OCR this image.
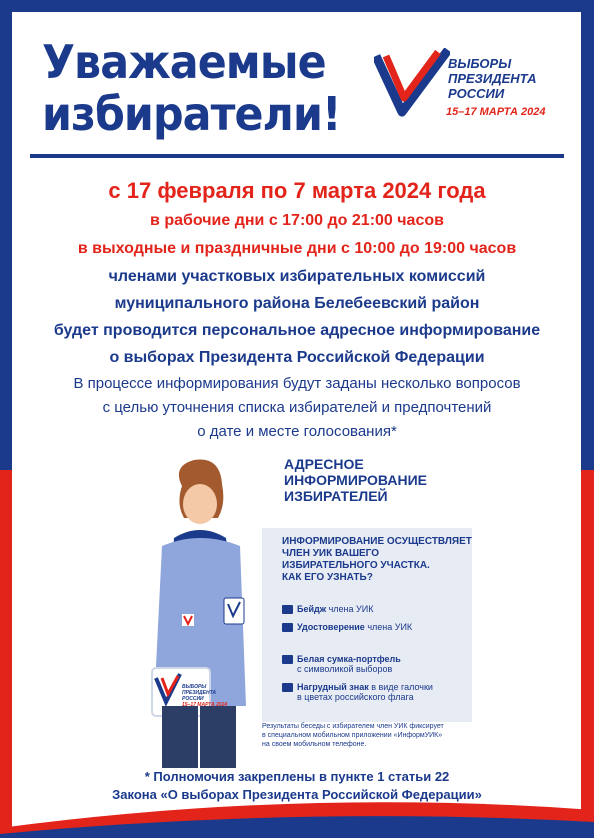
Уважаемые
избиратели!
ВЫБОРЫ
ПРЕЗИДЕНТА
РОССИИ
15–17 МАРТА 2024
с 17 февраля по 7 марта 2024 года
в рабочие дни с 17:00 до 21:00 часов
в выходные и праздничные дни с 10:00 до 19:00 часов
членами участковых избирательных комиссий
муниципального района Белебеевский район
будет проводится персональное адресное информирование
о выборах Президента Российской Федерации
В процессе информирования будут заданы несколько вопросов
с целью уточнения списка избирателей и предпочтений
о дате и месте голосования*
ВЫБОРЫ
ПРЕЗИДЕНТА
РОССИИ
15–17 МАРТА 2024
АДРЕСНОЕ
ИНФОРМИРОВАНИЕ
ИЗБИРАТЕЛЕЙ
ИНФОРМИРОВАНИЕ ОСУЩЕСТВЛЯЕТ
ЧЛЕН УИК ВАШЕГО
ИЗБИРАТЕЛЬНОГО УЧАСТКА.
КАК ЕГО УЗНАТЬ?
Бейдж члена УИК
Удостоверение члена УИК
Белая сумка-портфель
с символикой выборов
Нагрудный знак в виде галочки
в цветах российского флага
Результаты беседы с избирателем член УИК фиксирует
в специальном мобильном приложении «ИнформУИК»
на своем мобильном телефоне.
* Полномочия закреплены в пункте 1 статьи 22
Закона «О выборах Президента Российской Федерации»
